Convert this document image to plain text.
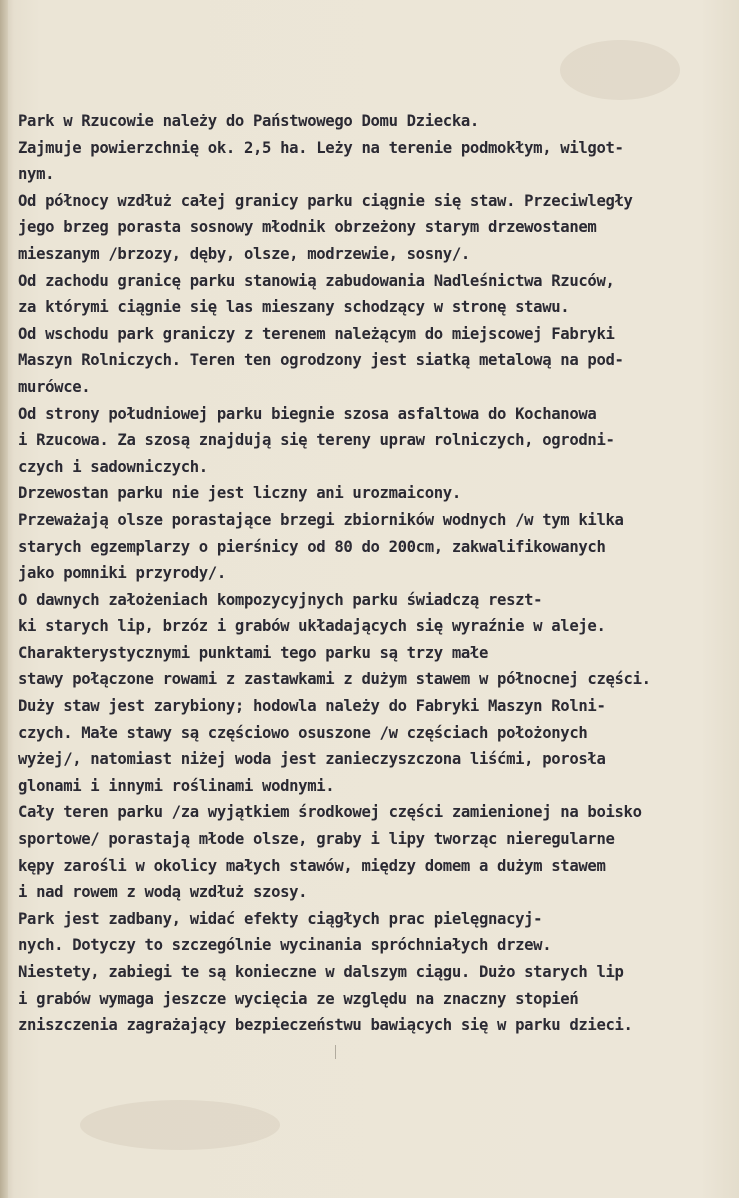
Park w Rzucowie należy do Państwowego Domu Dziecka.
Zajmuje powierzchnię ok. 2,5 ha. Leży na terenie podmokłym, wilgot-
nym.
Od północy wzdłuż całej granicy parku ciągnie się staw. Przeciwległy
jego brzeg porasta sosnowy młodnik obrzeżony starym drzewostanem
mieszanym /brzozy, dęby, olsze, modrzewie, sosny/.
Od zachodu granicę parku stanowią zabudowania Nadleśnictwa Rzuców,
za którymi ciągnie się las mieszany schodzący w stronę stawu.
Od wschodu park graniczy z terenem należącym do miejscowej Fabryki
Maszyn Rolniczych. Teren ten ogrodzony jest siatką metalową na pod-
murówce.
Od strony południowej parku biegnie szosa asfaltowa do Kochanowa
i Rzucowa. Za szosą znajdują się tereny upraw rolniczych, ogrodni-
czych i sadowniczych.
Drzewostan parku nie jest liczny ani urozmaicony.
Przeważają olsze porastające brzegi zbiorników wodnych /w tym kilka
starych egzemplarzy o pierśnicy od 80 do 200cm, zakwalifikowanych
jako pomniki przyrody/.
O dawnych założeniach kompozycyjnych parku świadczą reszt-
ki starych lip, brzóz i grabów układających się wyraźnie w aleje.
Charakterystycznymi punktami tego parku są trzy małe
stawy połączone rowami z zastawkami z dużym stawem w północnej części.
Duży staw jest zarybiony; hodowla należy do Fabryki Maszyn Rolni-
czych. Małe stawy są częściowo osuszone /w częściach położonych
wyżej/, natomiast niżej woda jest zanieczyszczona liśćmi, porosła
glonami i innymi roślinami wodnymi.
Cały teren parku /za wyjątkiem środkowej części zamienionej na boisko
sportowe/ porastają młode olsze, graby i lipy tworząc nieregularne
kępy zarośli w okolicy małych stawów, między domem a dużym stawem
i nad rowem z wodą wzdłuż szosy.
Park jest zadbany, widać efekty ciągłych prac pielęgnacyj-
nych. Dotyczy to szczególnie wycinania spróchniałych drzew.
Niestety, zabiegi te są konieczne w dalszym ciągu. Dużo starych lip
i grabów wymaga jeszcze wycięcia ze względu na znaczny stopień
zniszczenia zagrażający bezpieczeństwu bawiących się w parku dzieci.
